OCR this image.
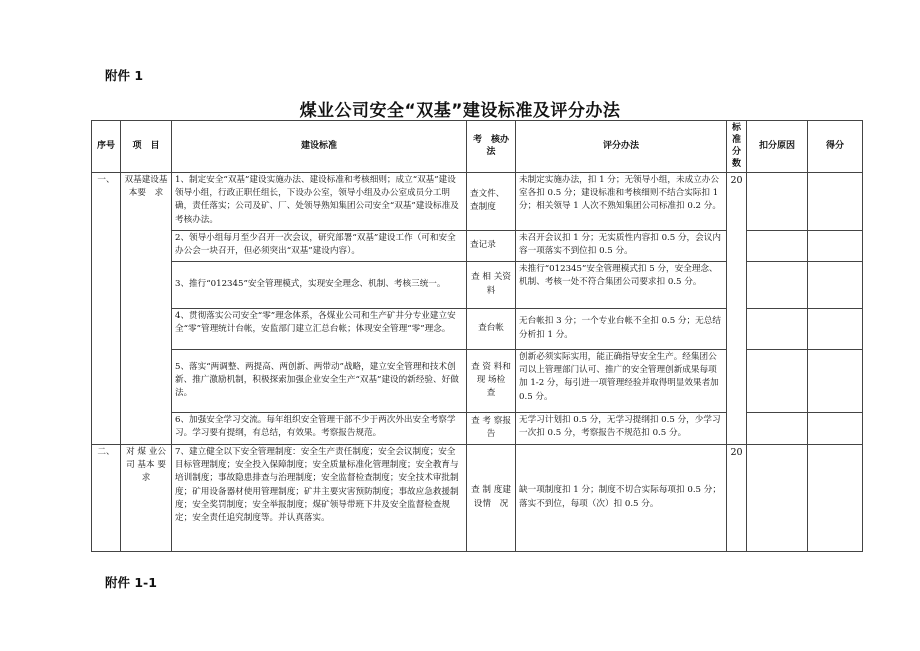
附件 1
煤业公司安全“双基”建设标准及评分办法
序号	项　目	建设标准	考　核办　法	评分办法	标准分数	扣分原因	得分
一、	双基建设基本要　求	1、制定安全“双基”建设实施办法、建设标准和考核细则；成立“双基”建设领导小组，行政正职任组长，下设办公室，领导小组及办公室成员分工明确，责任落实；公司及矿、厂、处领导熟知集团公司安全“双基”建设标准及考核办法。	查文件、查制度	未制定实施办法，扣 1 分；无领导小组，未成立办公室各扣 0.5 分；建设标准和考核细则不结合实际扣 1 分；相关领导 1 人次不熟知集团公司标准扣 0.2 分。	20		
		2、领导小组每月至少召开一次会议，研究部署“双基”建设工作（可和安全办公会一块召开，但必须突出“双基”建设内容）。	查记录	未召开会议扣 1 分；无实质性内容扣 0.5 分，会议内容一项落实不到位扣 0.5 分。			
		3、推行“012345”安全管理模式，实现安全理念、机制、考核三统一。	查 相 关资　料	未推行“012345”安全管理模式扣 5 分，安全理念、机制、考核一处不符合集团公司要求扣 0.5 分。			
		4、贯彻落实公司安全“零”理念体系，各煤业公司和生产矿井分专业建立安全“零”管理统计台帐，安监部门建立汇总台帐；体现安全管理“零”理念。	查台帐	无台帐扣 3 分；一个专业台帐不全扣 0.5 分；无总结分析扣 1 分。			
		5、落实“两调整、两提高、两创新、两带动”战略，建立安全管理和技术创新、推广激励机制，积极探索加强企业安全生产“双基”建设的新经验、好做法。	查 资 料和 现 场检　查	创新必须实际实用，能正确指导安全生产。经集团公司以上管理部门认可、推广的安全管理创新成果每项加 1-2 分，每引进一项管理经验并取得明显效果者加 0.5 分。			
		6、加强安全学习交流。每年组织安全管理干部不少于两次外出安全考察学习。学习要有提纲，有总结，有效果。考察报告规范。	查 考 察报　告	无学习计划扣 0.5 分，无学习提纲扣 0.5 分，少学习一次扣 0.5 分，考察报告不规范扣 0.5 分。			
二、	对 煤 业公 司 基本 要 求	7、建立健全以下安全管理制度：安全生产责任制度；安全会议制度；安全目标管理制度；安全投入保障制度；安全质量标准化管理制度；安全教育与培训制度；事故隐患排查与治理制度；安全监督检查制度；安全技术审批制度；矿用设备器材使用管理制度；矿井主要灾害预防制度；事故应急救援制度；安全奖罚制度；安全举报制度；煤矿领导带班下井及安全监督检查规定；安全责任追究制度等。并认真落实。	查 制 度建　设情　况	缺一项制度扣 1 分；制度不切合实际每项扣 0.5 分；落实不到位，每项（次）扣 0.5 分。	20		
附件 1-1
